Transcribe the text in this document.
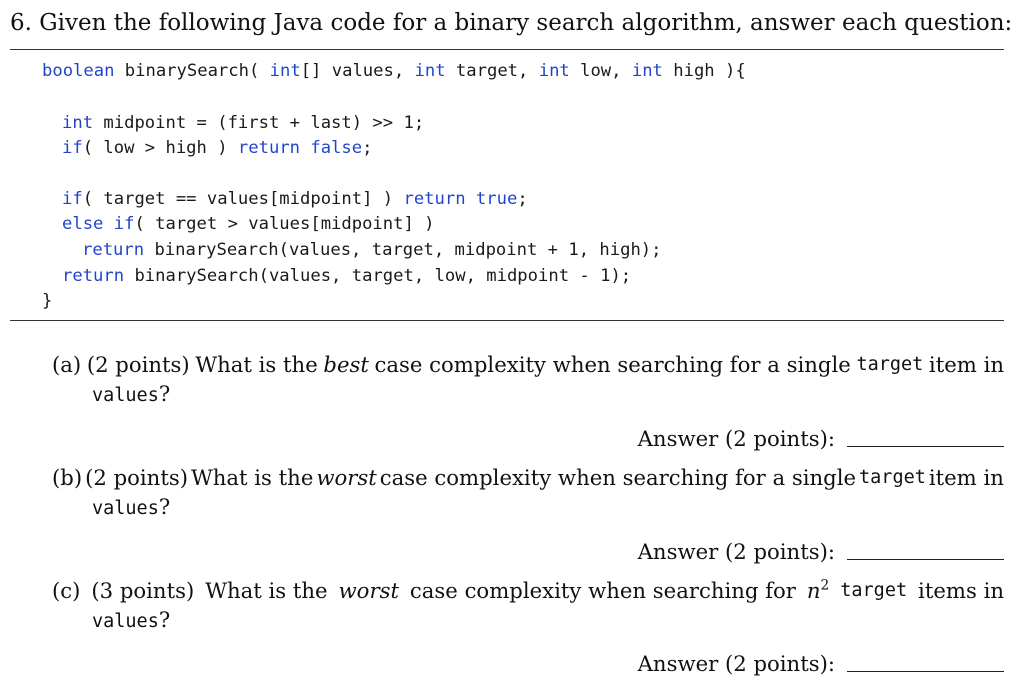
6. Given the following Java code for a binary search algorithm, answer each question:
boolean binarySearch( int[] values, int target, int low, int high ){
int midpoint = (first + last) >> 1;
if( low > high ) return false;
if( target == values[midpoint] ) return true;
else if( target > values[midpoint] )
return binarySearch(values, target, midpoint + 1, high);
return binarySearch(values, target, low, midpoint - 1);
}
(a) (2 points) What is the best case complexity when searching for a single target item in
values?
Answer (2 points):
(b) (2 points) What is the worst case complexity when searching for a single target item in
values?
Answer (2 points):
(c) (3 points) What is the worst case complexity when searching for $n^2$ target items in
values?
Answer (2 points):
